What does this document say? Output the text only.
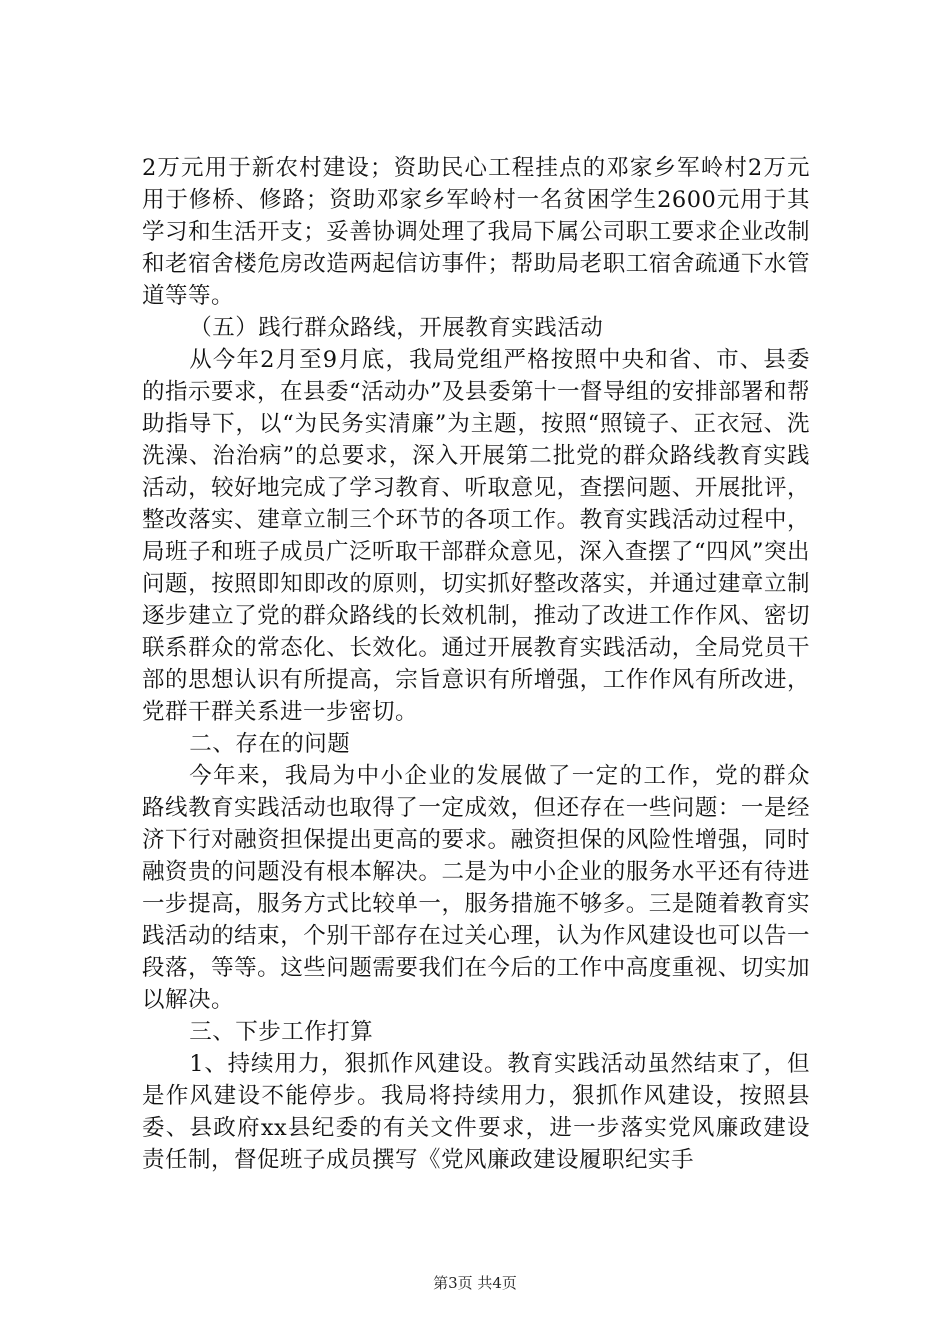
2万元用于新农村建设；资助民心工程挂点的邓家乡军岭村2万元用于修桥、修路；资助邓家乡军岭村一名贫困学生2600元用于其学习和生活开支；妥善协调处理了我局下属公司职工要求企业改制和老宿舍楼危房改造两起信访事件；帮助局老职工宿舍疏通下水管道等等。

（五）践行群众路线，开展教育实践活动

从今年2月至9月底，我局党组严格按照中央和省、市、县委的指示要求，在县委“活动办”及县委第十一督导组的安排部署和帮助指导下，以“为民务实清廉”为主题，按照“照镜子、正衣冠、洗洗澡、治治病”的总要求，深入开展第二批党的群众路线教育实践活动，较好地完成了学习教育、听取意见，查摆问题、开展批评，整改落实、建章立制三个环节的各项工作。教育实践活动过程中，局班子和班子成员广泛听取干部群众意见，深入查摆了“四风”突出问题，按照即知即改的原则，切实抓好整改落实，并通过建章立制逐步建立了党的群众路线的长效机制，推动了改进工作作风、密切联系群众的常态化、长效化。通过开展教育实践活动，全局党员干部的思想认识有所提高，宗旨意识有所增强，工作作风有所改进，党群干群关系进一步密切。

二、存在的问题

今年来，我局为中小企业的发展做了一定的工作，党的群众路线教育实践活动也取得了一定成效，但还存在一些问题：一是经济下行对融资担保提出更高的要求。融资担保的风险性增强，同时融资贵的问题没有根本解决。二是为中小企业的服务水平还有待进一步提高，服务方式比较单一，服务措施不够多。三是随着教育实践活动的结束，个别干部存在过关心理，认为作风建设也可以告一段落，等等。这些问题需要我们在今后的工作中高度重视、切实加以解决。

三、下步工作打算

1、持续用力，狠抓作风建设。教育实践活动虽然结束了，但是作风建设不能停步。我局将持续用力，狠抓作风建设，按照县委、县政府xx县纪委的有关文件要求，进一步落实党风廉政建设责任制，督促班子成员撰写《党风廉政建设履职纪实手

第3页 共4页
